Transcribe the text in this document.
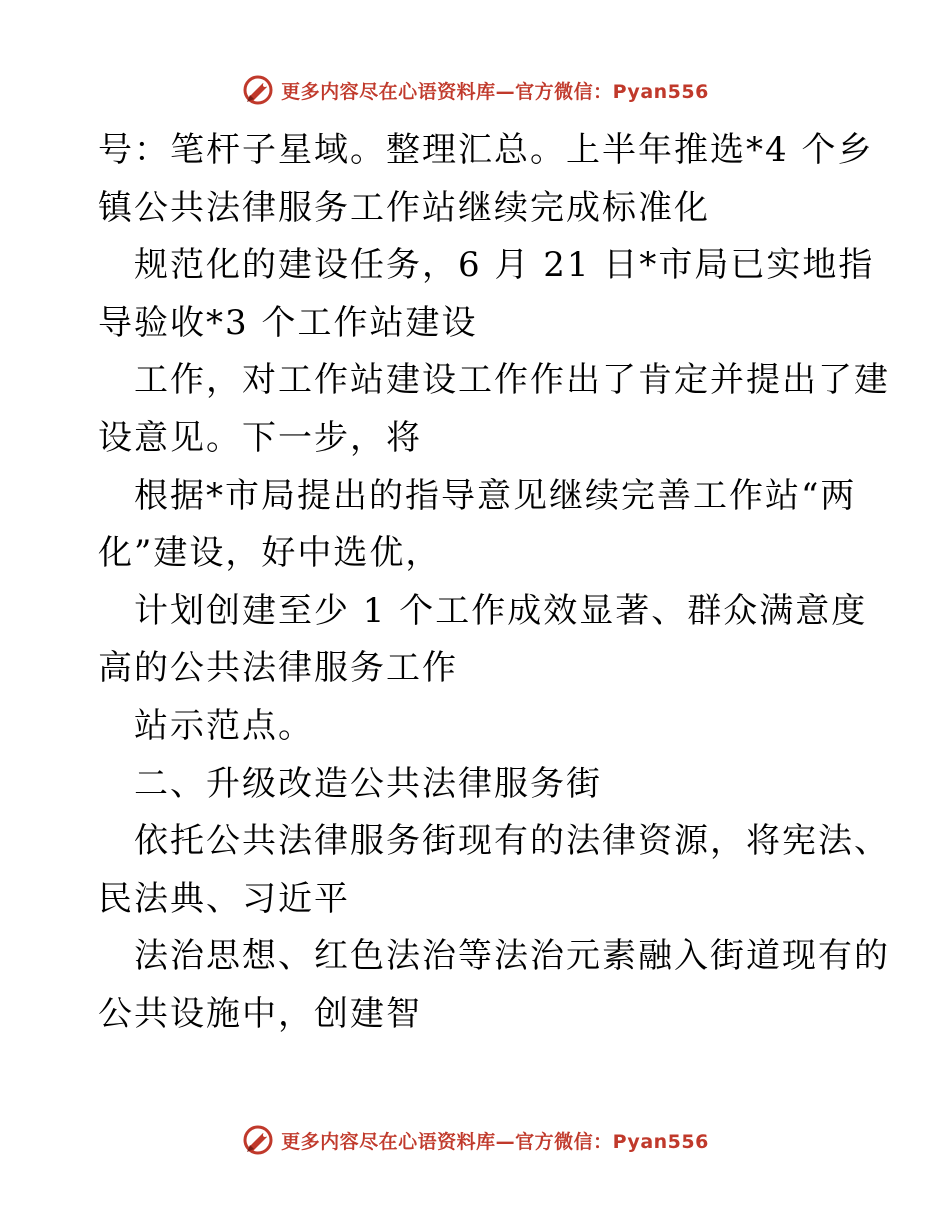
更多内容尽在心语资料库—官方微信：Pyan556
号：笔杆子星域。整理汇总。上半年推选*4 个乡
镇公共法律服务工作站继续完成标准化
规范化的建设任务，6 月 21 日*市局已实地指
导验收*3 个工作站建设
工作，对工作站建设工作作出了肯定并提出了建
设意见。下一步，将
根据*市局提出的指导意见继续完善工作站“两
化”建设，好中选优，
计划创建至少 1 个工作成效显著、群众满意度
高的公共法律服务工作
站示范点。
二、升级改造公共法律服务街
依托公共法律服务街现有的法律资源，将宪法、
民法典、习近平
法治思想、红色法治等法治元素融入街道现有的
公共设施中，创建智
更多内容尽在心语资料库—官方微信：Pyan556
